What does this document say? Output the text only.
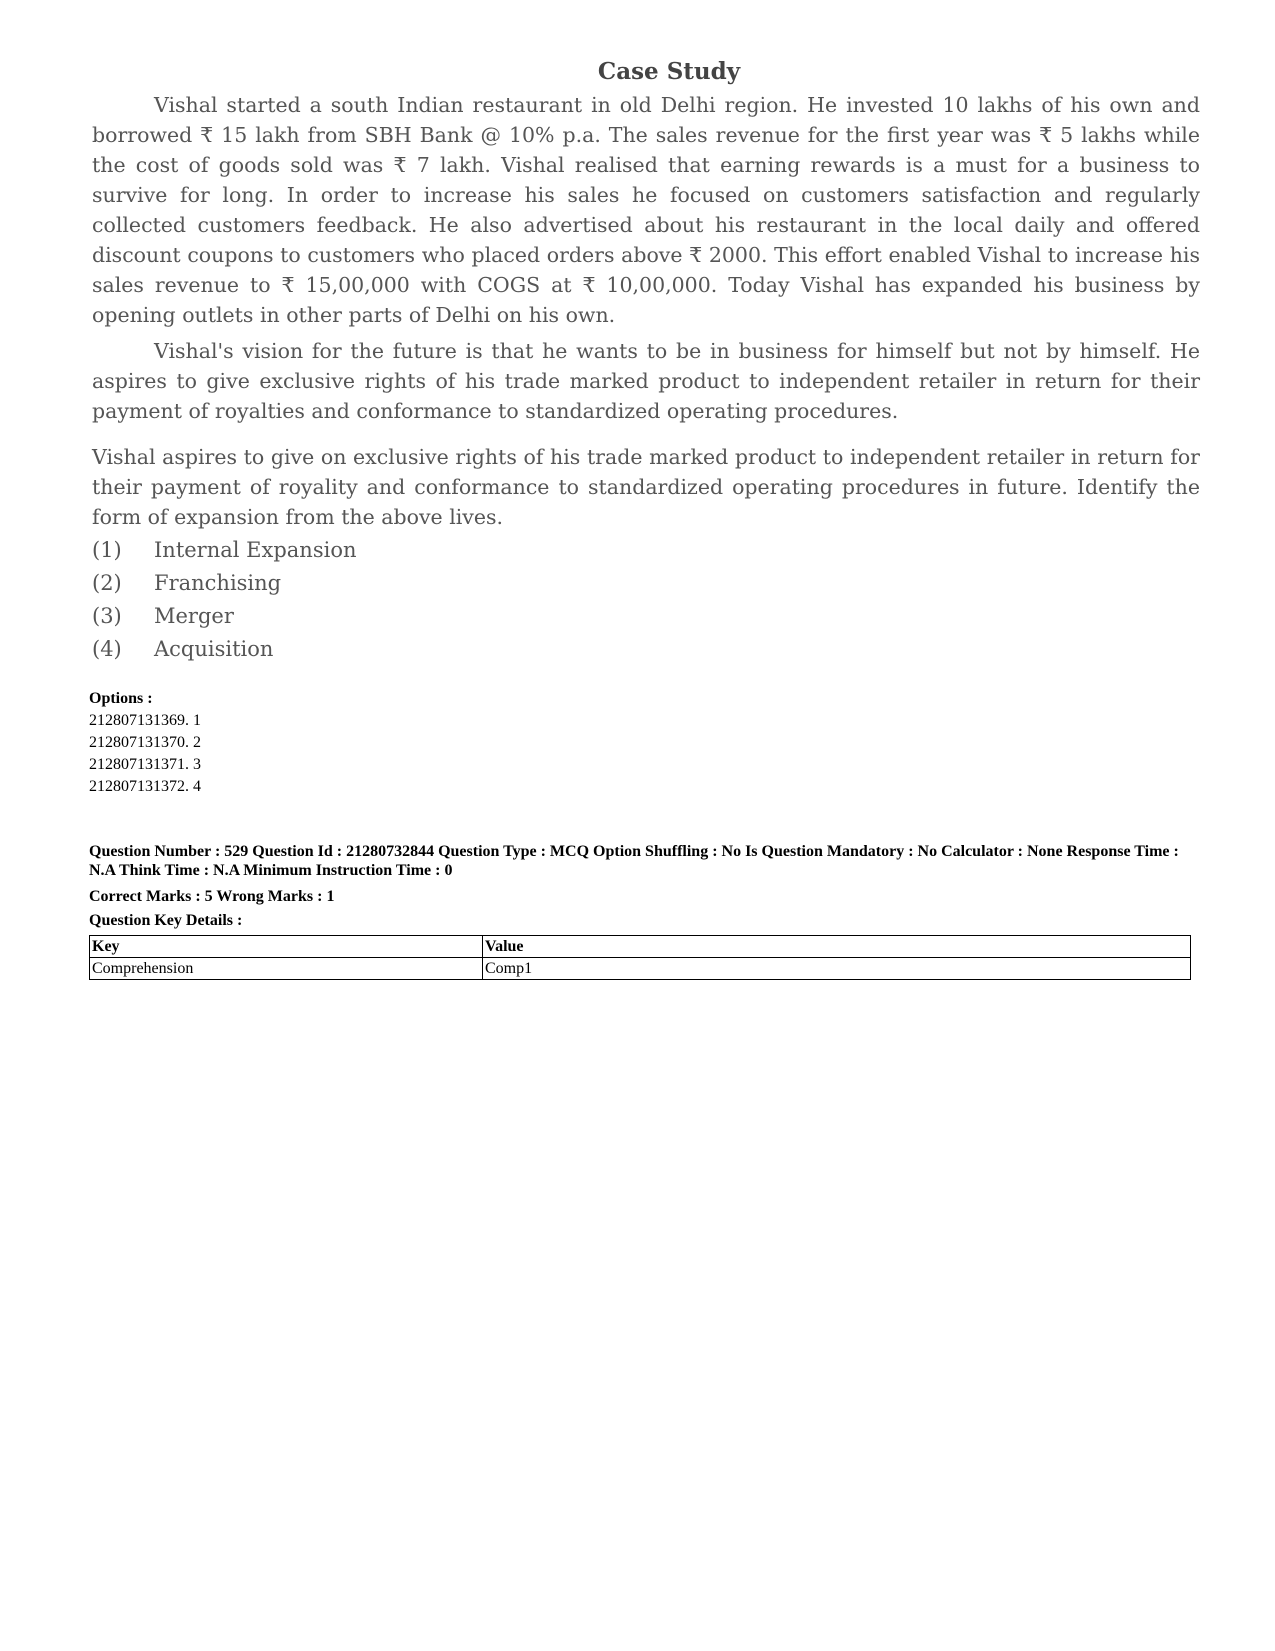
Case Study

Vishal started a south Indian restaurant in old Delhi region. He invested 10 lakhs of his own and borrowed ₹ 15 lakh from SBH Bank @ 10% p.a. The sales revenue for the first year was ₹ 5 lakhs while the cost of goods sold was ₹ 7 lakh. Vishal realised that earning rewards is a must for a business to survive for long. In order to increase his sales he focused on customers satisfaction and regularly collected customers feedback. He also advertised about his restaurant in the local daily and offered discount coupons to customers who placed orders above ₹ 2000. This effort enabled Vishal to increase his sales revenue to ₹ 15,00,000 with COGS at ₹ 10,00,000. Today Vishal has expanded his business by opening outlets in other parts of Delhi on his own.

Vishal's vision for the future is that he wants to be in business for himself but not by himself. He aspires to give exclusive rights of his trade marked product to independent retailer in return for their payment of royalties and conformance to standardized operating procedures.

Vishal aspires to give on exclusive rights of his trade marked product to independent retailer in return for their payment of royality and conformance to standardized operating procedures in future. Identify the form of expansion from the above lives.

(1)	Internal Expansion
(2)	Franchising
(3)	Merger
(4)	Acquisition
Options :
212807131369. 1
212807131370. 2
212807131371. 3
212807131372. 4
Question Number : 529 Question Id : 21280732844 Question Type : MCQ Option Shuffling : No Is Question Mandatory : No Calculator : None Response Time : N.A Think Time : N.A Minimum Instruction Time : 0
Correct Marks : 5 Wrong Marks : 1
Question Key Details :
Key	Value
Comprehension	Comp1
